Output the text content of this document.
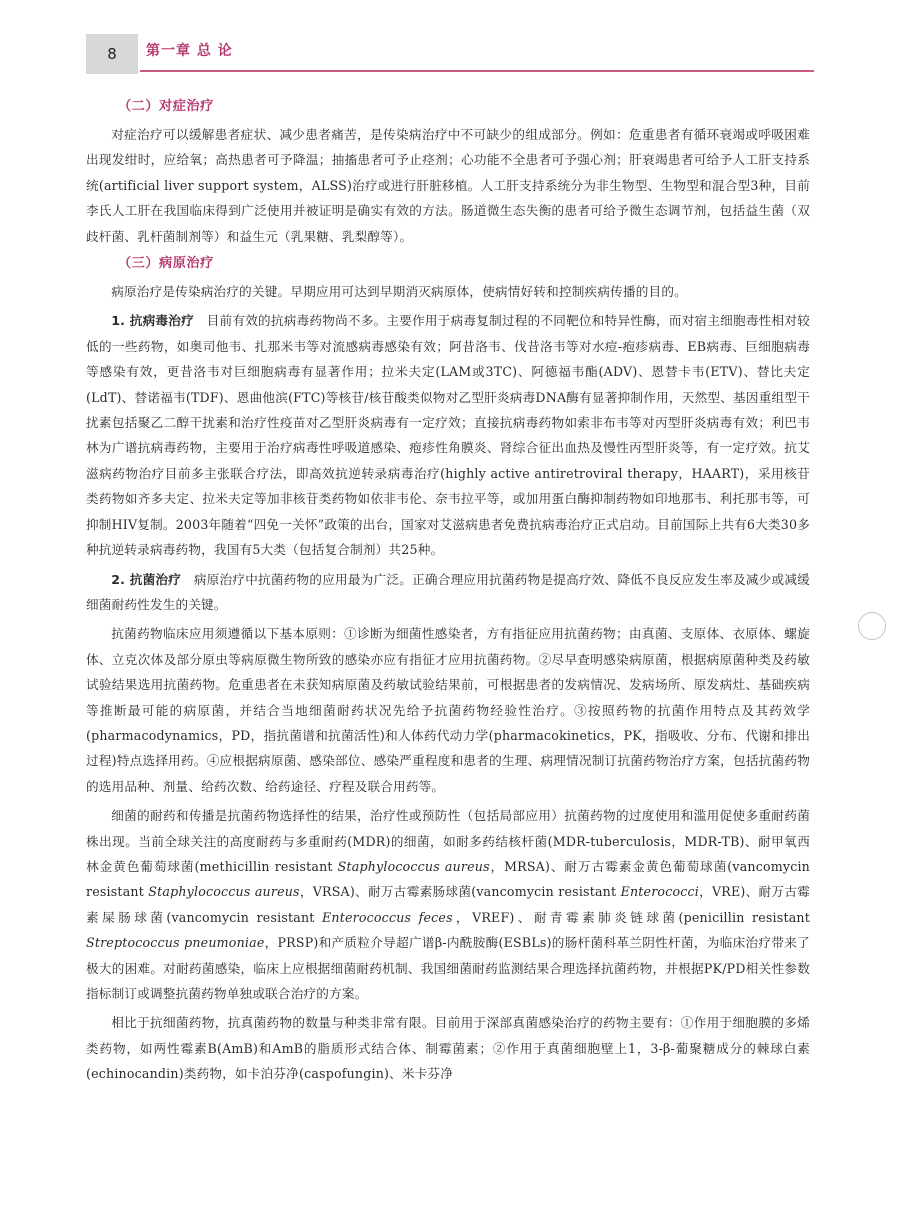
8	第一章 总 论
（二）对症治疗

对症治疗可以缓解患者症状、减少患者痛苦，是传染病治疗中不可缺少的组成部分。例如：危重患者有循环衰竭或呼吸困难出现发绀时，应给氧；高热患者可予降温；抽搐患者可予止痉剂；心功能不全患者可予强心剂；肝衰竭患者可给予人工肝支持系统(artificial liver support system，ALSS)治疗或进行肝脏移植。人工肝支持系统分为非生物型、生物型和混合型3种，目前李氏人工肝在我国临床得到广泛使用并被证明是确实有效的方法。肠道微生态失衡的患者可给予微生态调节剂，包括益生菌（双歧杆菌、乳杆菌制剂等）和益生元（乳果糖、乳梨醇等）。

（三）病原治疗

病原治疗是传染病治疗的关键。早期应用可达到早期消灭病原体，使病情好转和控制疾病传播的目的。

1. 抗病毒治疗 目前有效的抗病毒药物尚不多。主要作用于病毒复制过程的不同靶位和特异性酶，而对宿主细胞毒性相对较低的一些药物，如奥司他韦、扎那米韦等对流感病毒感染有效；阿昔洛韦、伐昔洛韦等对水痘-疱疹病毒、EB病毒、巨细胞病毒等感染有效，更昔洛韦对巨细胞病毒有显著作用；拉米夫定(LAM或3TC)、阿德福韦酯(ADV)、恩替卡韦(ETV)、替比夫定(LdT)、替诺福韦(TDF)、恩曲他滨(FTC)等核苷/核苷酸类似物对乙型肝炎病毒DNA酶有显著抑制作用，天然型、基因重组型干扰素包括聚乙二醇干扰素和治疗性疫苗对乙型肝炎病毒有一定疗效；直接抗病毒药物如索非布韦等对丙型肝炎病毒有效；利巴韦林为广谱抗病毒药物，主要用于治疗病毒性呼吸道感染、疱疹性角膜炎、肾综合征出血热及慢性丙型肝炎等，有一定疗效。抗艾滋病药物治疗目前多主张联合疗法，即高效抗逆转录病毒治疗(highly active antiretroviral therapy，HAART)，采用核苷类药物如齐多夫定、拉米夫定等加非核苷类药物如依非韦伦、奈韦拉平等，或加用蛋白酶抑制药物如印地那韦、利托那韦等，可抑制HIV复制。2003年随着“四免一关怀”政策的出台，国家对艾滋病患者免费抗病毒治疗正式启动。目前国际上共有6大类30多种抗逆转录病毒药物，我国有5大类（包括复合制剂）共25种。

2. 抗菌治疗 病原治疗中抗菌药物的应用最为广泛。正确合理应用抗菌药物是提高疗效、降低不良反应发生率及减少或减缓细菌耐药性发生的关键。

抗菌药物临床应用须遵循以下基本原则：①诊断为细菌性感染者，方有指征应用抗菌药物；由真菌、支原体、衣原体、螺旋体、立克次体及部分原虫等病原微生物所致的感染亦应有指征才应用抗菌药物。②尽早查明感染病原菌，根据病原菌种类及药敏试验结果选用抗菌药物。危重患者在未获知病原菌及药敏试验结果前，可根据患者的发病情况、发病场所、原发病灶、基础疾病等推断最可能的病原菌，并结合当地细菌耐药状况先给予抗菌药物经验性治疗。③按照药物的抗菌作用特点及其药效学(pharmacodynamics，PD，指抗菌谱和抗菌活性)和人体药代动力学(pharmacokinetics，PK，指吸收、分布、代谢和排出过程)特点选择用药。④应根据病原菌、感染部位、感染严重程度和患者的生理、病理情况制订抗菌药物治疗方案，包括抗菌药物的选用品种、剂量、给药次数、给药途径、疗程及联合用药等。

细菌的耐药和传播是抗菌药物选择性的结果，治疗性或预防性（包括局部应用）抗菌药物的过度使用和滥用促使多重耐药菌株出现。当前全球关注的高度耐药与多重耐药(MDR)的细菌，如耐多药结核杆菌(MDR-tuberculosis，MDR-TB)、耐甲氧西林金黄色葡萄球菌(methicillin resistant Staphylococcus aureus，MRSA)、耐万古霉素金黄色葡萄球菌(vancomycin resistant Staphylococcus aureus，VRSA)、耐万古霉素肠球菌(vancomycin resistant Enterococci，VRE)、耐万古霉素屎肠球菌(vancomycin resistant Enterococcus feces，VREF)、耐青霉素肺炎链球菌(penicillin resistant Streptococcus pneumoniae，PRSP)和产质粒介导超广谱β-内酰胺酶(ESBLs)的肠杆菌科革兰阴性杆菌，为临床治疗带来了极大的困难。对耐药菌感染，临床上应根据细菌耐药机制、我国细菌耐药监测结果合理选择抗菌药物，并根据PK/PD相关性参数指标制订或调整抗菌药物单独或联合治疗的方案。

相比于抗细菌药物，抗真菌药物的数量与种类非常有限。目前用于深部真菌感染治疗的药物主要有：①作用于细胞膜的多烯类药物，如两性霉素B(AmB)和AmB的脂质形式结合体、制霉菌素；②作用于真菌细胞壁上1，3-β-葡聚糖成分的棘球白素(echinocandin)类药物，如卡泊芬净(caspofungin)、米卡芬净
